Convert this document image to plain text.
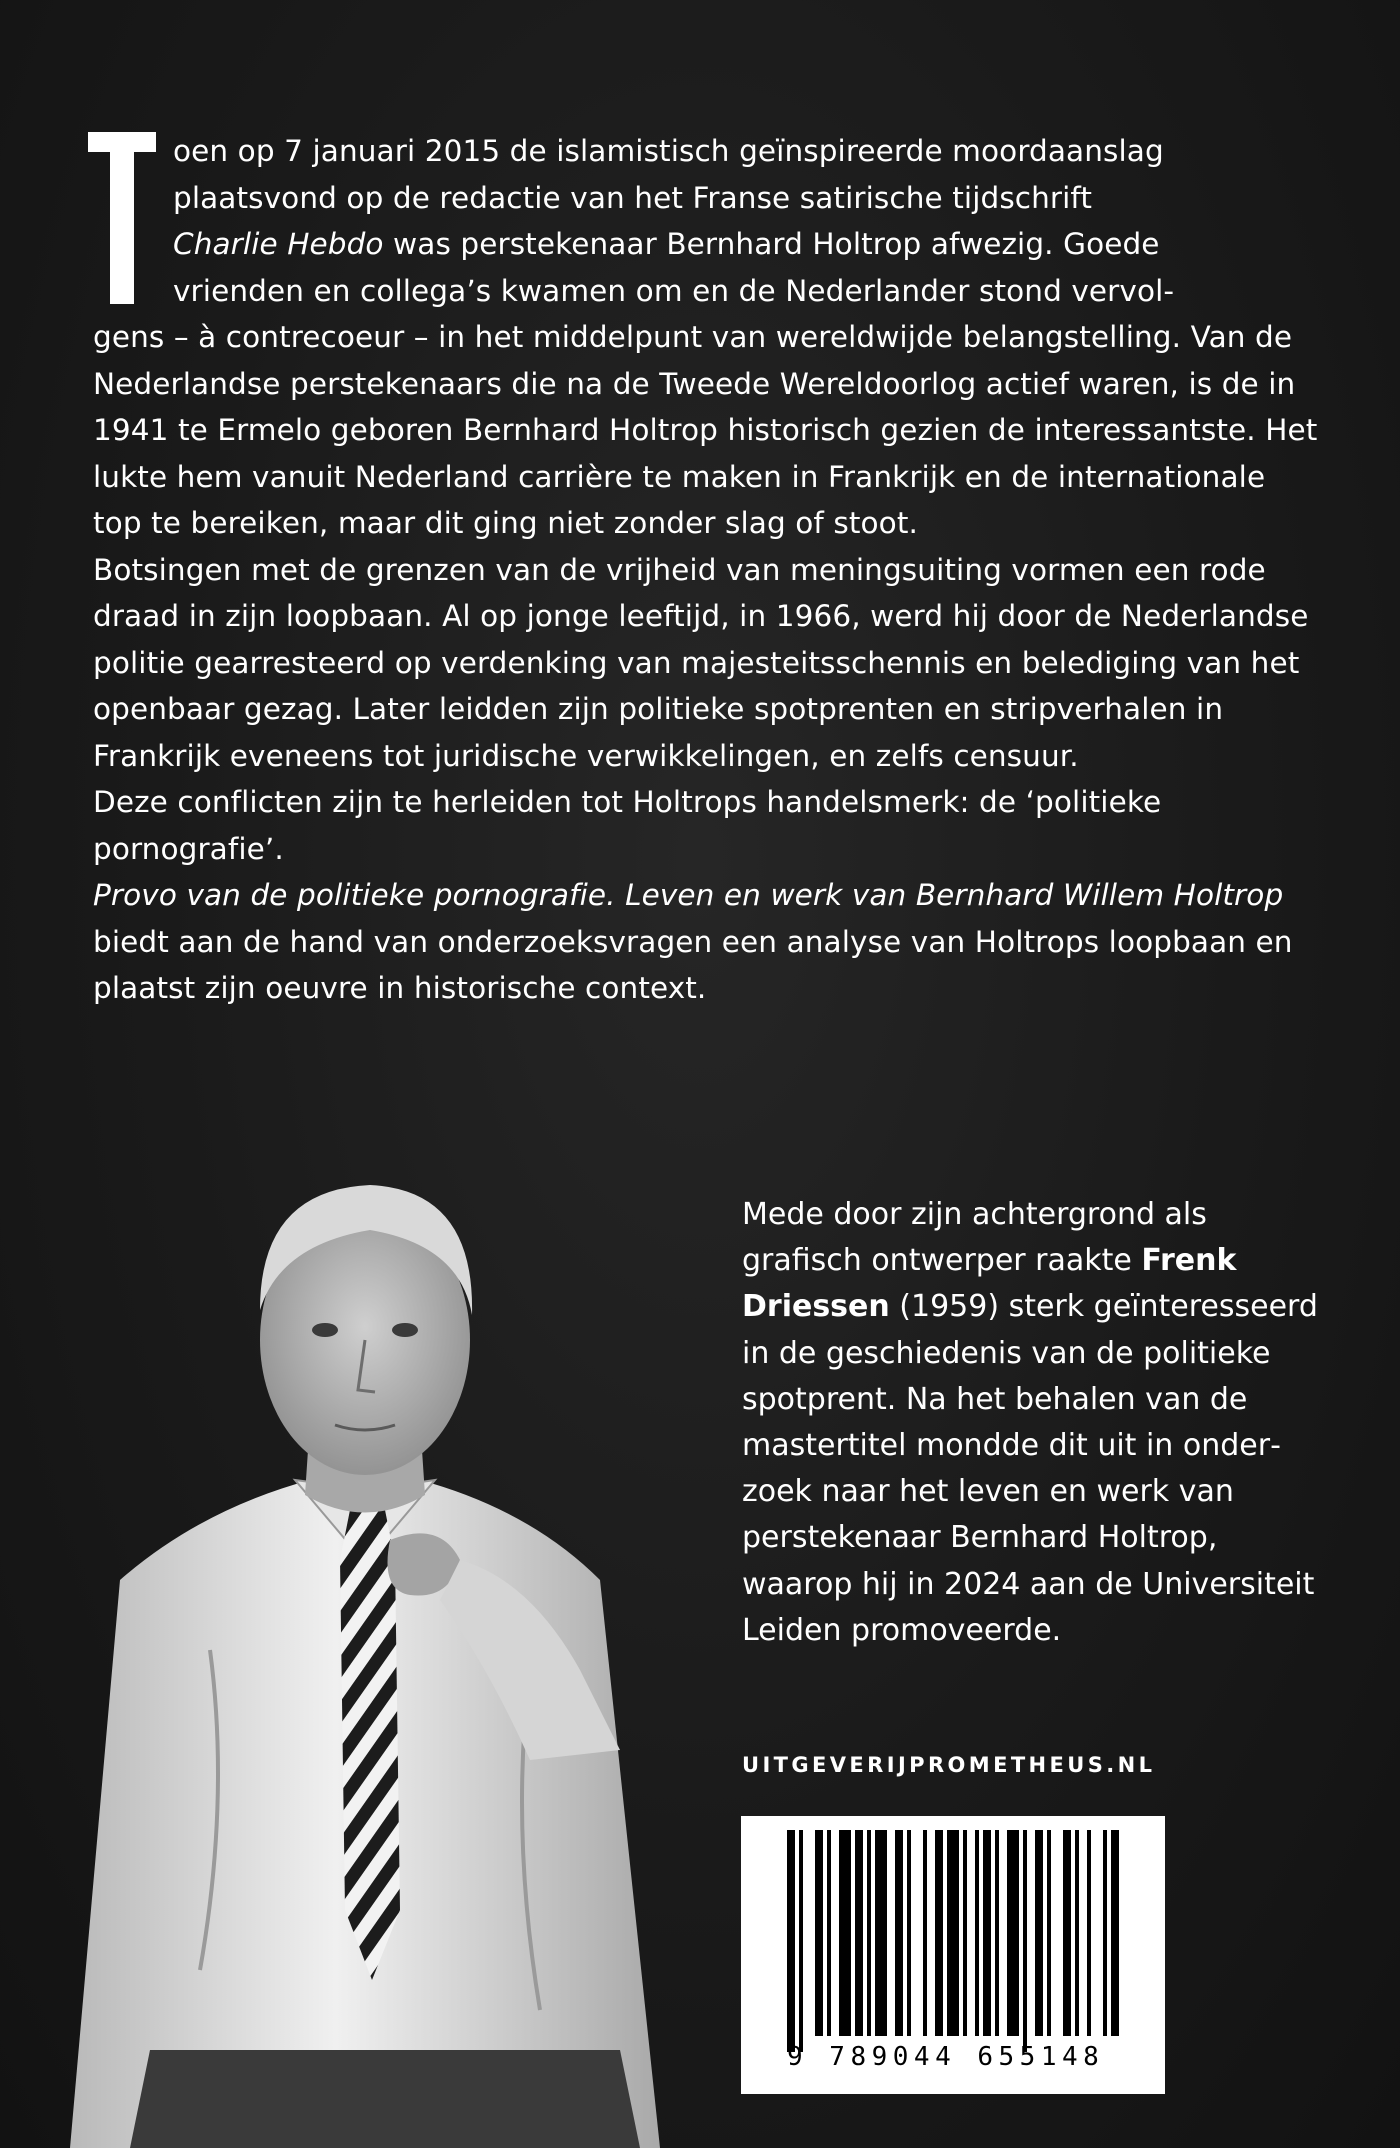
oen op 7 januari 2015 de islamistisch geïnspireerde moordaanslag
plaatsvond op de redactie van het Franse satirische tijdschrift
Charlie Hebdo was perstekenaar Bernhard Holtrop afwezig. Goede
vrienden en collega’s kwamen om en de Nederlander stond vervol-
gens – à contrecoeur – in het middelpunt van wereldwijde belangstelling. Van de Nederlandse perstekenaars die na de Tweede Wereldoorlog actief waren, is de in 1941 te Ermelo geboren Bernhard Holtrop historisch gezien de interessantste. Het lukte hem vanuit Nederland carrière te maken in Frankrijk en de internationale top te bereiken, maar dit ging niet zonder slag of stoot.

Botsingen met de grenzen van de vrijheid van meningsuiting vormen een rode draad in zijn loopbaan. Al op jonge leeftijd, in 1966, werd hij door de Nederlandse politie gearresteerd op verdenking van majesteitsschennis en belediging van het openbaar gezag. Later leidden zijn politieke spotprenten en stripverhalen in Frankrijk eveneens tot juridische verwikkelingen, en zelfs censuur.

Deze conflicten zijn te herleiden tot Holtrops handelsmerk: de ‘politieke pornografie’.

Provo van de politieke pornografie. Leven en werk van Bernhard Willem Holtrop biedt aan de hand van onderzoeksvragen een analyse van Holtrops loopbaan en plaatst zijn oeuvre in historische context.

Mede door zijn achtergrond als grafisch ontwerper raakte Frenk Driessen (1959) sterk geïnteresseerd in de geschiedenis van de politieke spotprent. Na het behalen van de mastertitel mondde dit uit in onderzoek naar het leven en werk van perstekenaar Bernhard Holtrop, waarop hij in 2024 aan de Universiteit Leiden promoveerde.

UITGEVERIJPROMETHEUS.NL
9 789044 655148
